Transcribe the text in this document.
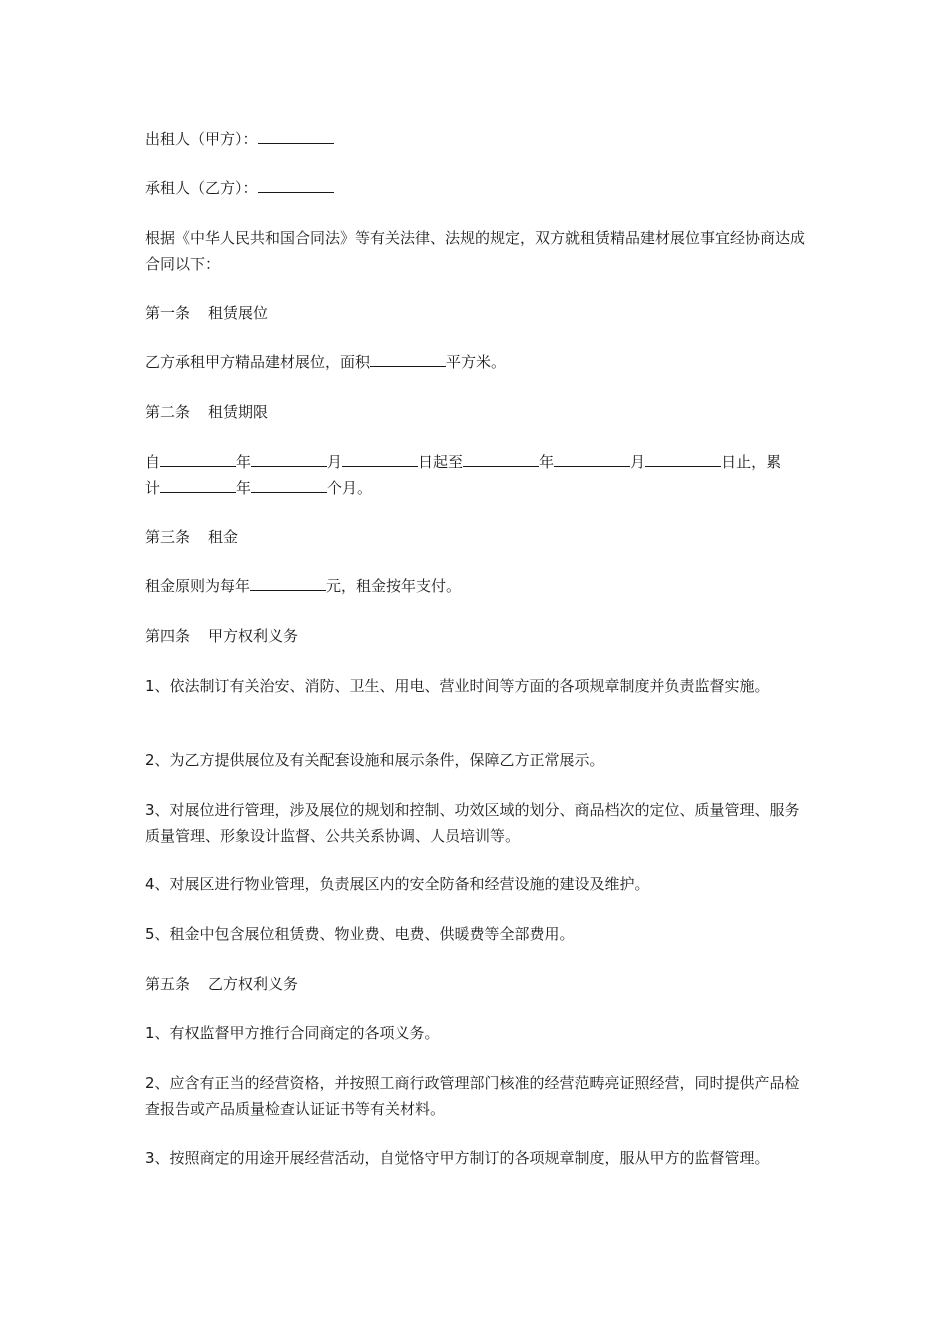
出租人（甲方）：

承租人（乙方）：

根据《中华人民共和国合同法》等有关法律、法规的规定，双方就租赁精品建材展位事宜经协商达成合同以下：

第一条 租赁展位

乙方承租甲方精品建材展位，面积	平方米。

第二条 租赁期限

自	年	月	日起至	年	月	日止，累
计	年	个月。

第三条 租金

租金原则为每年	元，租金按年支付。

第四条 甲方权利义务

1、依法制订有关治安、消防、卫生、用电、营业时间等方面的各项规章制度并负责监督实施。

2、为乙方提供展位及有关配套设施和展示条件，保障乙方正常展示。

3、对展位进行管理，涉及展位的规划和控制、功效区域的划分、商品档次的定位、质量管理、服务质量管理、形象设计监督、公共关系协调、人员培训等。

4、对展区进行物业管理，负责展区内的安全防备和经营设施的建设及维护。

5、租金中包含展位租赁费、物业费、电费、供暖费等全部费用。

第五条 乙方权利义务

1、有权监督甲方推行合同商定的各项义务。

2、应含有正当的经营资格，并按照工商行政管理部门核准的经营范畴亮证照经营，同时提供产品检查报告或产品质量检查认证证书等有关材料。

3、按照商定的用途开展经营活动，自觉恪守甲方制订的各项规章制度，服从甲方的监督管理。
